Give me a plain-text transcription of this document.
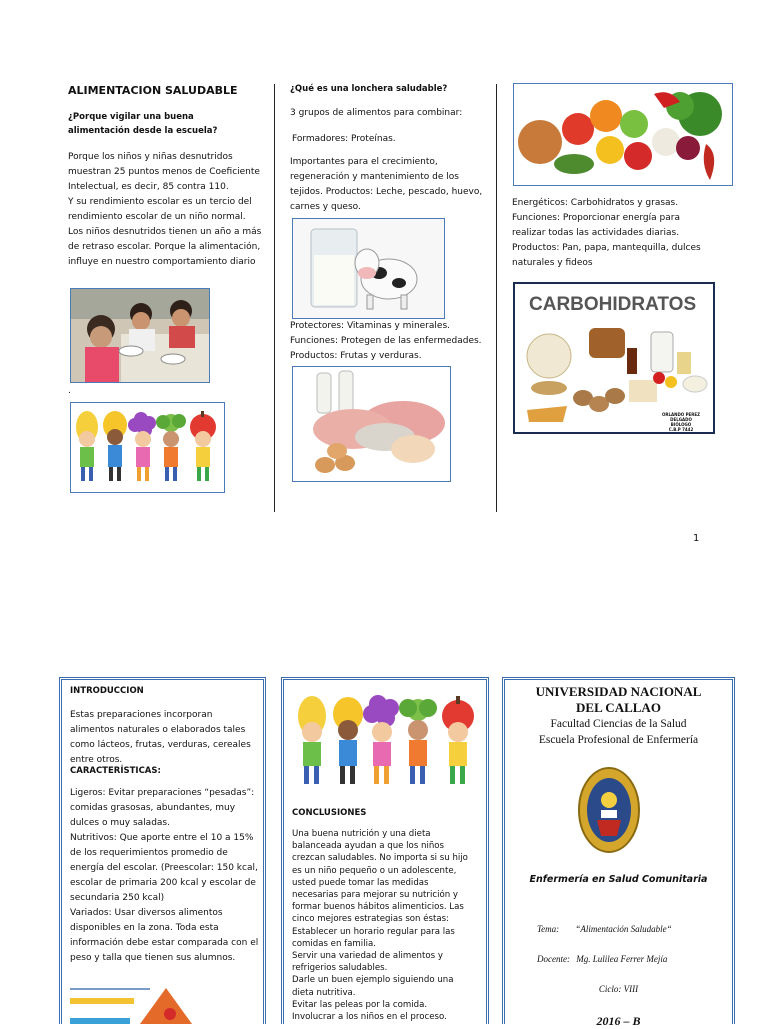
ALIMENTACION SALUDABLE
¿Porque vigilar una buena alimentación desde la escuela?
Porque los niños y niñas desnutridos muestran 25 puntos menos de Coeficiente Intelectual, es decir, 85 contra 110.
Y su rendimiento escolar es un tercio del rendimiento escolar de un niño normal. Los niños desnutridos tienen un año a más de retraso escolar. Porque la alimentación, influye en nuestro comportamiento diario
.
¿Qué es una lonchera saludable?
3 grupos de alimentos para combinar:
Formadores: Proteínas.
Importantes para el crecimiento, regeneración y mantenimiento de los tejidos. Productos: Leche, pescado, huevo, carnes y queso.
Protectores: Vitaminas y minerales.
Funciones: Protegen de las enfermedades.
Productos: Frutas y verduras.
Energéticos: Carbohidratos y grasas.
Funciones: Proporcionar energía para realizar todas las actividades diarias.
Productos: Pan, papa, mantequilla, dulces naturales y fideos
CARBOHIDRATOS
ORLANDO PEREZ DELGADO
BIÓLOGO
C.B.P 7442
1
INTRODUCCION
Estas preparaciones incorporan alimentos naturales o elaborados tales como lácteos, frutas, verduras, cereales entre otros.
CARACTERÍSTICAS:
Ligeros: Evitar preparaciones “pesadas”: comidas grasosas, abundantes, muy dulces o muy saladas.
Nutritivos: Que aporte entre el 10 a 15% de los requerimientos promedio de energía del escolar. (Preescolar: 150 kcal, escolar de primaria 200 kcal y escolar de secundaria 250 kcal)
Variados: Usar diversos alimentos disponibles en la zona. Toda esta información debe estar comparada con el peso y talla que tienen sus alumnos.
CONCLUSIONES
Una buena nutrición y una dieta balanceada ayudan a que los niños crezcan saludables. No importa si su hijo es un niño pequeño o un adolescente, usted puede tomar las medidas necesarias para mejorar su nutrición y formar buenos hábitos alimenticios. Las cinco mejores estrategias son éstas:
Establecer un horario regular para las comidas en familia.
Servir una variedad de alimentos y refrigerios saludables.
Darle un buen ejemplo siguiendo una dieta nutritiva.
Evitar las peleas por la comida.
Involucrar a los niños en el proceso.
UNIVERSIDAD NACIONAL
DEL CALLAO
Facultad Ciencias de la Salud
Escuela Profesional de Enfermería
Enfermería en Salud Comunitaria
Tema: “Alimentación Saludable“
Docente: Mg. Lulilea Ferrer Mejía
Ciclo: VIII
2016 – B
